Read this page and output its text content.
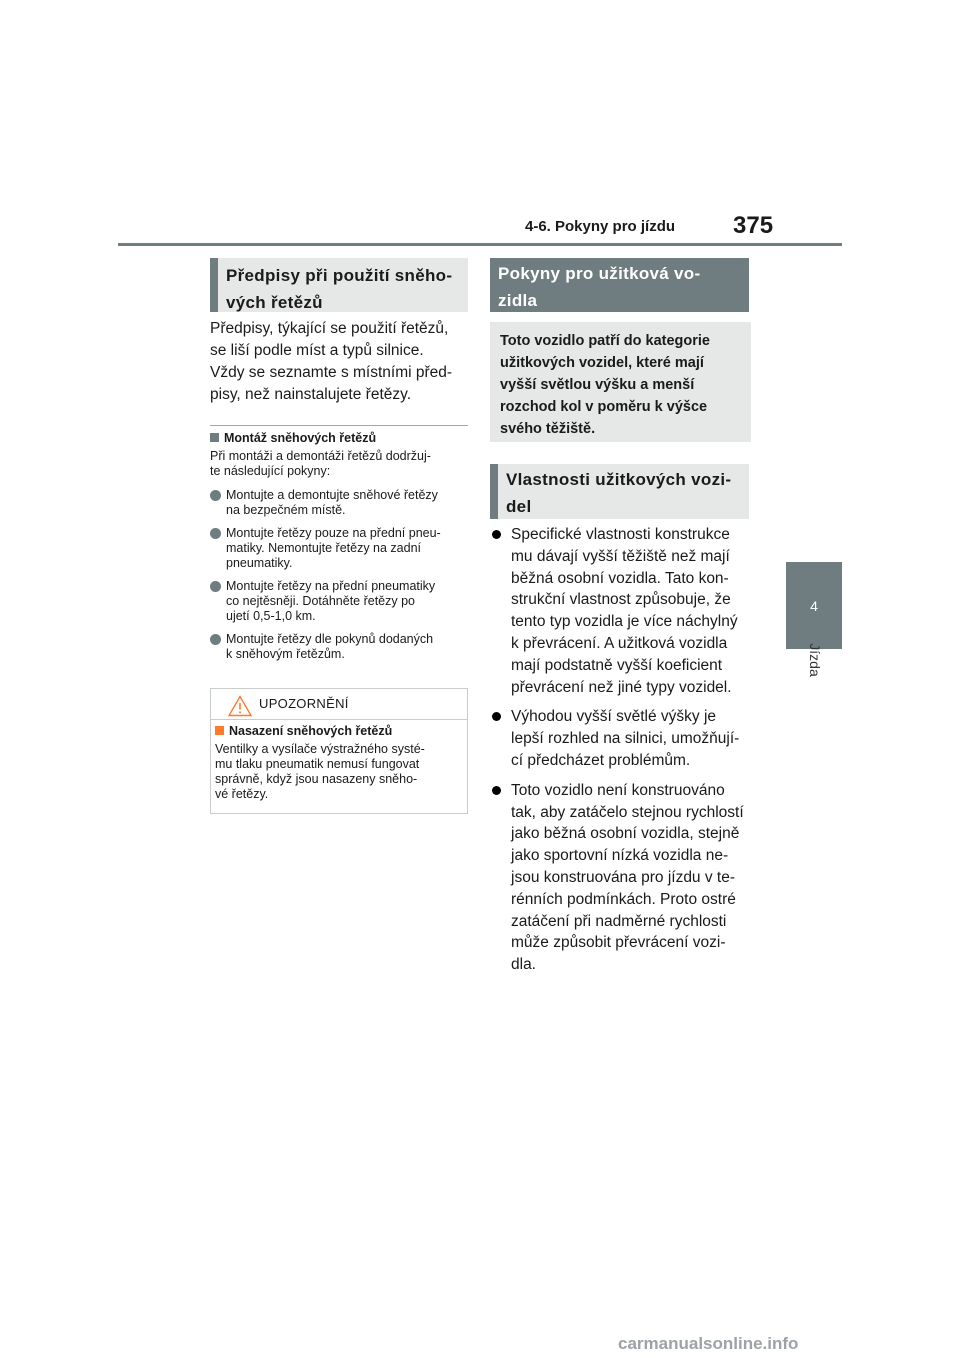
4-6. Pokyny pro jízdu 375
4
Jízda
Předpisy při použití sněho-
vých řetězů
Předpisy, týkající se použití řetězů,
se liší podle míst a typů silnice.
Vždy se seznamte s místními před-
pisy, než nainstalujete řetězy.
Montáž sněhových řetězů
Při montáži a demontáži řetězů dodržuj-
te následující pokyny:
Montujte a demontujte sněhové řetězy
na bezpečném místě.
Montujte řetězy pouze na přední pneu-
matiky. Nemontujte řetězy na zadní
pneumatiky.
Montujte řetězy na přední pneumatiky
co nejtěsněji. Dotáhněte řetězy po
ujetí 0,5-1,0 km.
Montujte řetězy dle pokynů dodaných
k sněhovým řetězům.
UPOZORNĚNÍ
Nasazení sněhových řetězů
Ventilky a vysílače výstražného systé-
mu tlaku pneumatik nemusí fungovat
správně, když jsou nasazeny sněho-
vé řetězy.
Pokyny pro užitková vo-
zidla
Toto vozidlo patří do kategorie
užitkových vozidel, které mají
vyšší světlou výšku a menší
rozchod kol v poměru k výšce
svého těžiště.
Vlastnosti užitkových vozi-
del
Specifické vlastnosti konstrukce
mu dávají vyšší těžiště než mají
běžná osobní vozidla. Tato kon-
strukční vlastnost způsobuje, že
tento typ vozidla je více náchylný
k převrácení. A užitková vozidla
mají podstatně vyšší koeficient
převrácení než jiné typy vozidel.
Výhodou vyšší světlé výšky je
lepší rozhled na silnici, umožňují-
cí předcházet problémům.
Toto vozidlo není konstruováno
tak, aby zatáčelo stejnou rychlostí
jako běžná osobní vozidla, stejně
jako sportovní nízká vozidla ne-
jsou konstruována pro jízdu v te-
rénních podmínkách. Proto ostré
zatáčení při nadměrné rychlosti
může způsobit převrácení vozi-
dla.
carmanualsonline.info
